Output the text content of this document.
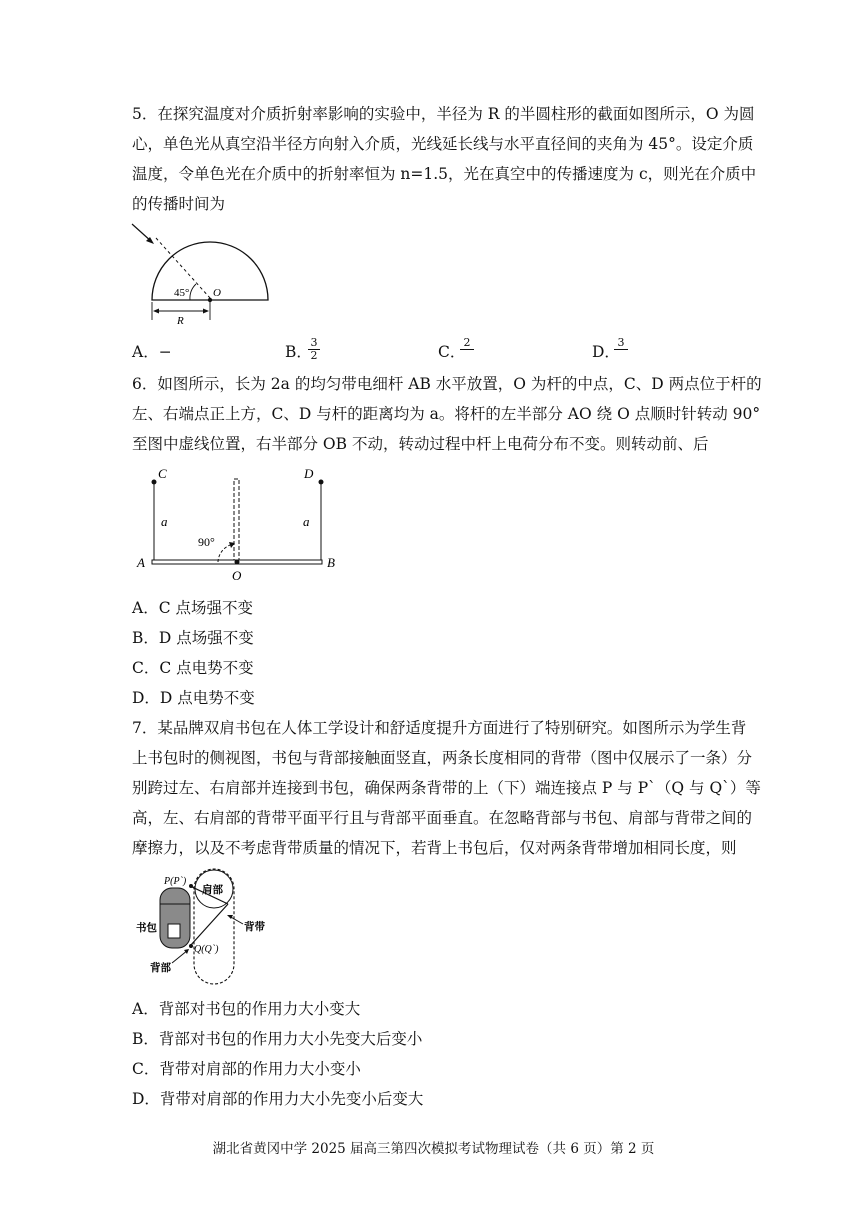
5．在探究温度对介质折射率影响的实验中，半径为 R 的半圆柱形的截面如图所示，O 为圆
心，单色光从真空沿半径方向射入介质，光线延长线与水平直径间的夹角为 45°。设定介质
温度，令单色光在介质中的折射率恒为 n=1.5，光在真空中的传播速度为 c，则光在介质中
的传播时间为
45° O
R
A．−	B．
$\frac{3}{2}$	C．
2
D．
3
6．如图所示，长为 2a 的均匀带电细杆 AB 水平放置，O 为杆的中点，C、D 两点位于杆的
左、右端点正上方，C、D 与杆的距离均为 a。将杆的左半部分 AO 绕 O 点顺时针转动 90°
至图中虚线位置，右半部分 OB 不动，转动过程中杆上电荷分布不变。则转动前、后
C	D
a	a
90°
A	B
O
A．C 点场强不变
B．D 点场强不变
C．C 点电势不变
D．D 点电势不变
7．某品牌双肩书包在人体工学设计和舒适度提升方面进行了特别研究。如图所示为学生背
上书包时的侧视图，书包与背部接触面竖直，两条长度相同的背带（图中仅展示了一条）分
别跨过左、右肩部并连接到书包，确保两条背带的上（下）端连接点 P 与 P`（Q 与 Q`）等
高，左、右肩部的背带平面平行且与背部平面垂直。在忽略背部与书包、肩部与背带之间的
摩擦力，以及不考虑背带质量的情况下，若背上书包后，仅对两条背带增加相同长度，则
P(P`)
肩部
书包	背带
Q(Q`)
背部
A．背部对书包的作用力大小变大
B．背部对书包的作用力大小先变大后变小
C．背带对肩部的作用力大小变小
D．背带对肩部的作用力大小先变小后变大
湖北省黄冈中学 2025 届高三第四次模拟考试物理试卷（共 6 页）第 2 页
